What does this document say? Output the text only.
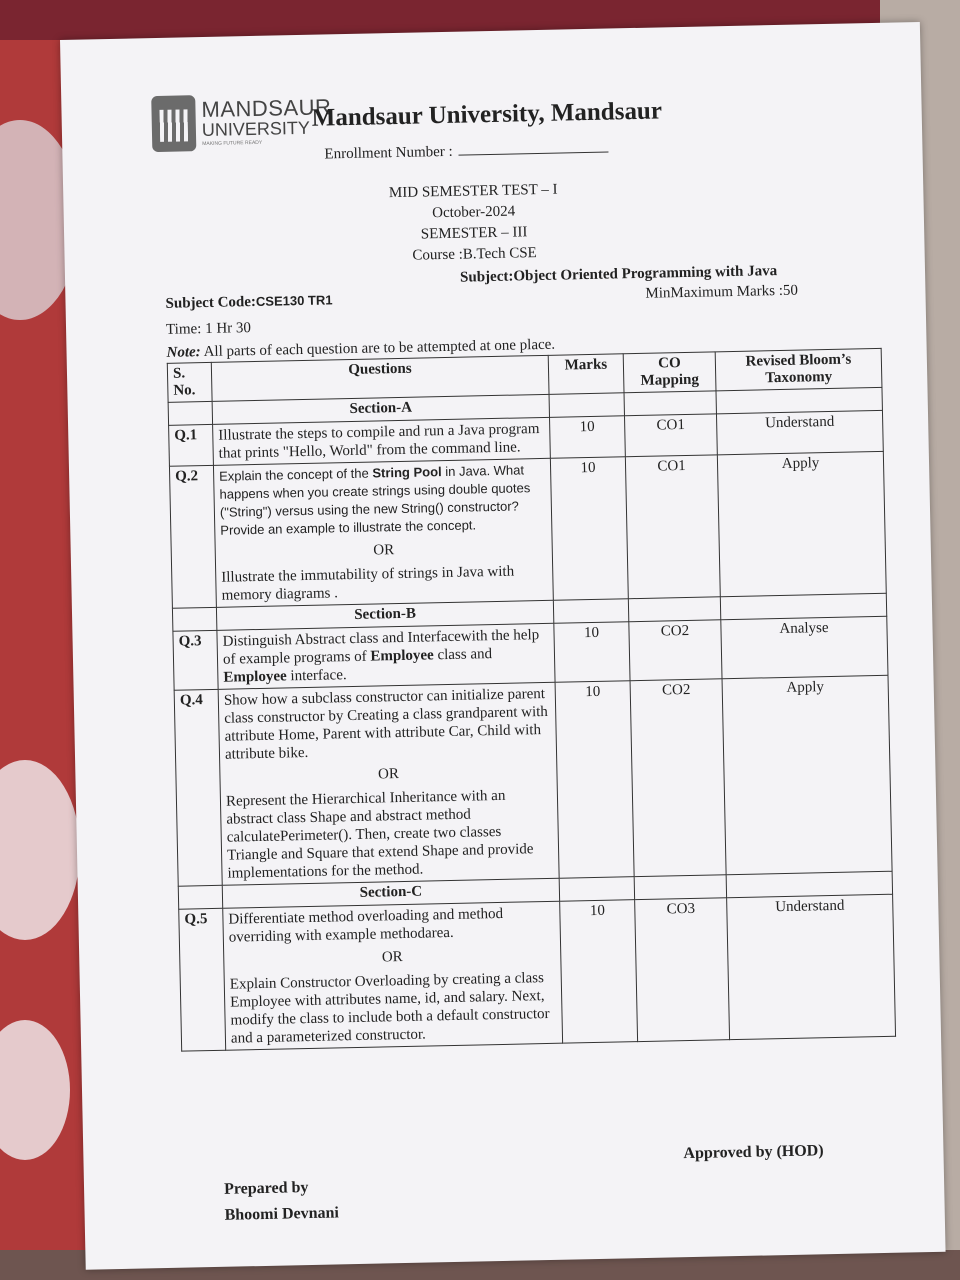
MANDSAUR
UNIVERSITY
MAKING FUTURE READY
Mandsaur University, Mandsaur
Enrollment Number :
MID SEMESTER TEST – I
October-2024
SEMESTER – III
Course :B.Tech CSE
Subject Code:CSE130 TR1
Subject:Object Oriented Programming with Java
MinMaximum Marks :50
Time: 1 Hr 30
Note: All parts of each question are to be attempted at one place.
S. No.	Questions	Marks	CO Mapping	Revised Bloom’s Taxonomy
	Section-A			
Q.1	Illustrate the steps to compile and run a Java program that prints "Hello, World" from the command line.	10	CO1	Understand
Q.2	Explain the concept of the String Pool in Java. What happens when you create strings using double quotes ("String") versus using the new String() constructor? Provide an example to illustrate the concept.
OR
Illustrate the immutability of strings in Java with memory diagrams .	10	CO1	Apply
	Section-B			
Q.3	Distinguish Abstract class and Interfacewith the help of example programs of Employee class and Employee interface.	10	CO2	Analyse
Q.4	Show how a subclass constructor can initialize parent class constructor by Creating a class grandparent with attribute Home, Parent with attribute Car, Child with attribute bike.
OR
Represent the Hierarchical Inheritance with an abstract class Shape and abstract method calculatePerimeter(). Then, create two classes Triangle and Square that extend Shape and provide implementations for the method.	10	CO2	Apply
	Section-C			
Q.5	Differentiate method overloading and method overriding with example methodarea.
OR
Explain Constructor Overloading by creating a class Employee with attributes name, id, and salary. Next, modify the class to include both a default constructor and a parameterized constructor.	10	CO3	Understand
Prepared by
Bhoomi Devnani
Approved by (HOD)
